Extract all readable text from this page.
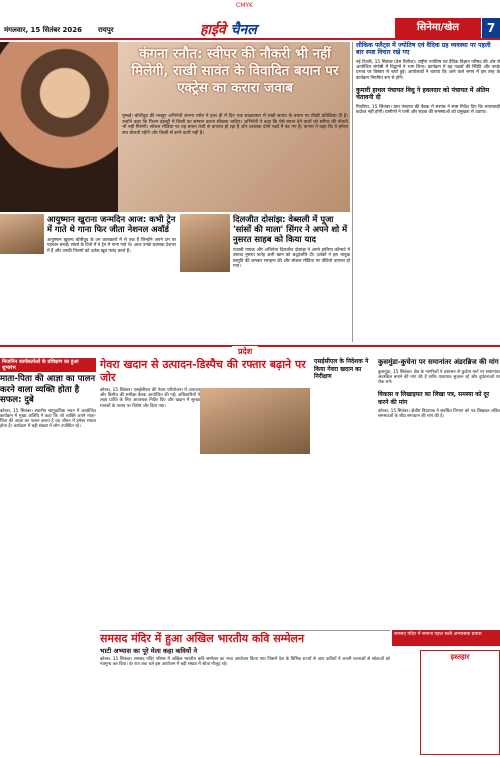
CMYK
मंगलवार, 15 सितंबर 2026 रायपुर	हाईवे चैनल	सिनेमा/खेल	7
कंगना रनौत: स्वीपर की नौकरी भी नहीं मिलेगी, राखी सावंत के विवादित बयान पर एक्ट्रेस का करारा जवाब
मुम्बई। बॉलीवुड की मशहूर अभिनेत्री कंगना रनौत ने हाल ही में दिए एक साक्षात्कार में राखी सावंत के बयान पर तीखी प्रतिक्रिया दी है। उन्होंने कहा कि फिल्म इंडस्ट्री में किसी का सम्मान करना सीखना चाहिए। अभिनेत्री ने कहा कि ऐसे बयान देने वालों को स्वीपर की नौकरी भी नहीं मिलेगी। सोशल मीडिया पर यह बयान तेजी से वायरल हो रहा है और प्रशंसक दोनों पक्षों में बंट गए हैं। कंगना ने कहा कि वे हमेशा सच बोलती रहेंगी और किसी से डरने वाली नहीं हैं।
लौकिक फ्लैट्स में ज्योतिष एवं वैदिक ग्रह व्यवस्था पर पहली बार स्पष्ट विचार रखे गए

नई दिल्ली, 15 सितंबर (प्रेस रिलीज)। राष्ट्रीय ज्योतिष एवं वैदिक विज्ञान परिषद की ओर से आयोजित संगोष्ठी में विद्वानों ने भाग लिया। कार्यक्रम में ग्रह नक्षत्रों की स्थिति और उनके प्रभाव पर विस्तार से चर्चा हुई। आयोजकों ने बताया कि आने वाले समय में इस तरह के कार्यक्रम नियमित रूप से होंगे।

कुमारी हाथल पंचायत विधु ने हवलदार को पंचायत में अंतिम चेतावनी दी

पिपरिया, 15 सितंबर। ग्राम पंचायत की बैठक में सरपंच ने स्पष्ट निर्देश दिए कि लापरवाही बर्दाश्त नहीं होगी। ग्रामीणों ने पानी और सड़क की समस्याओं को प्रमुखता से उठाया।

आयुष्मान खुराना जन्मदिन आज: कभी ट्रेन में गाते थे गाना फिर जीता नेशनल अवॉर्ड
आयुष्मान खुराना बॉलीवुड के उन कलाकारों में से एक हैं जिन्होंने अपने दम पर पहचान बनाई। संघर्ष के दिनों में वे ट्रेन में गाना गाते थे। आज उनके प्रशंसक देशभर में हैं और उनकी फिल्मों को दर्शक खूब पसंद करते हैं।
दिलजीत दोसांझ: वेब्सली में पूजा 'सांसों की माला' सिंगर ने अपने शो में नुसरत साहब को किया याद
पंजाबी गायक और अभिनेता दिलजीत दोसांझ ने अपने हालिया कॉन्सर्ट में उस्ताद नुसरत फतेह अली खान को श्रद्धांजलि दी। दर्शकों ने इस भावुक प्रस्तुति की जमकर सराहना की और सोशल मीडिया पर वीडियो वायरल हो गया।
प्रदेश
मितानिन कार्यकर्ताओं के प्रशिक्षण का हुआ शुभारंभ
माता-पिता की आज्ञा का पालन करने वाला व्यक्ति होता है सफल: दुबे
कोरबा, 15 सितंबर। स्थानीय सामुदायिक भवन में आयोजित कार्यक्रम में मुख्य अतिथि ने कहा कि जो व्यक्ति अपने माता-पिता की आज्ञा का पालन करता है वह जीवन में हमेशा सफल होता है। कार्यक्रम में बड़ी संख्या में लोग उपस्थित रहे।
गेवरा खदान से उत्पादन-डिस्पैच की रफ्तार बढ़ाने पर जोर
कोरबा, 15 सितंबर। एसईसीएल की गेवरा परियोजना में उत्पादन और डिस्पैच की समीक्षा बैठक आयोजित की गई। अधिकारियों ने लक्ष्य प्राप्ति के लिए आवश्यक निर्देश दिए और खदान में सुरक्षा मानकों के पालन पर विशेष जोर दिया गया।
एसईसीएल के निदेशक ने किया गेवरा खदान का निरीक्षण
कुसमुंडा-कुचेना पर समानांतर अंडरब्रिज की मांग
कुसमुंडा, 15 सितंबर। क्षेत्र के नागरिकों ने प्रशासन से कुचेना मार्ग पर समानांतर अंडरब्रिज बनाने की मांग की है ताकि यातायात सुचारू रहे और दुर्घटनाओं पर रोक लगे।
विकास व लिखाइयत का लिखा पत्र, समस्या को दूर करने की मांग
कोरबा, 15 सितंबर। क्षेत्रीय विधायक ने संबंधित विभाग को पत्र लिखकर लंबित समस्याओं के शीघ्र समाधान की मांग की है।
समसद मंदिर में हुआ अखिल भारतीय कवि सम्मेलन
भाटी अभ्यास का पूरे मेला कहा कवियों ने
कोरबा, 15 सितंबर। समसद मंदिर परिसर में अखिल भारतीय कवि सम्मेलन का भव्य आयोजन किया गया जिसमें देश के विभिन्न राज्यों से आए कवियों ने अपनी रचनाओं से श्रोताओं को मंत्रमुग्ध कर दिया। देर रात तक चले इस आयोजन में बड़ी संख्या में श्रोता मौजूद रहे।
समसद मंदिर में समाज पहल चली अभ्यासक प्रयास
इश्तहार
